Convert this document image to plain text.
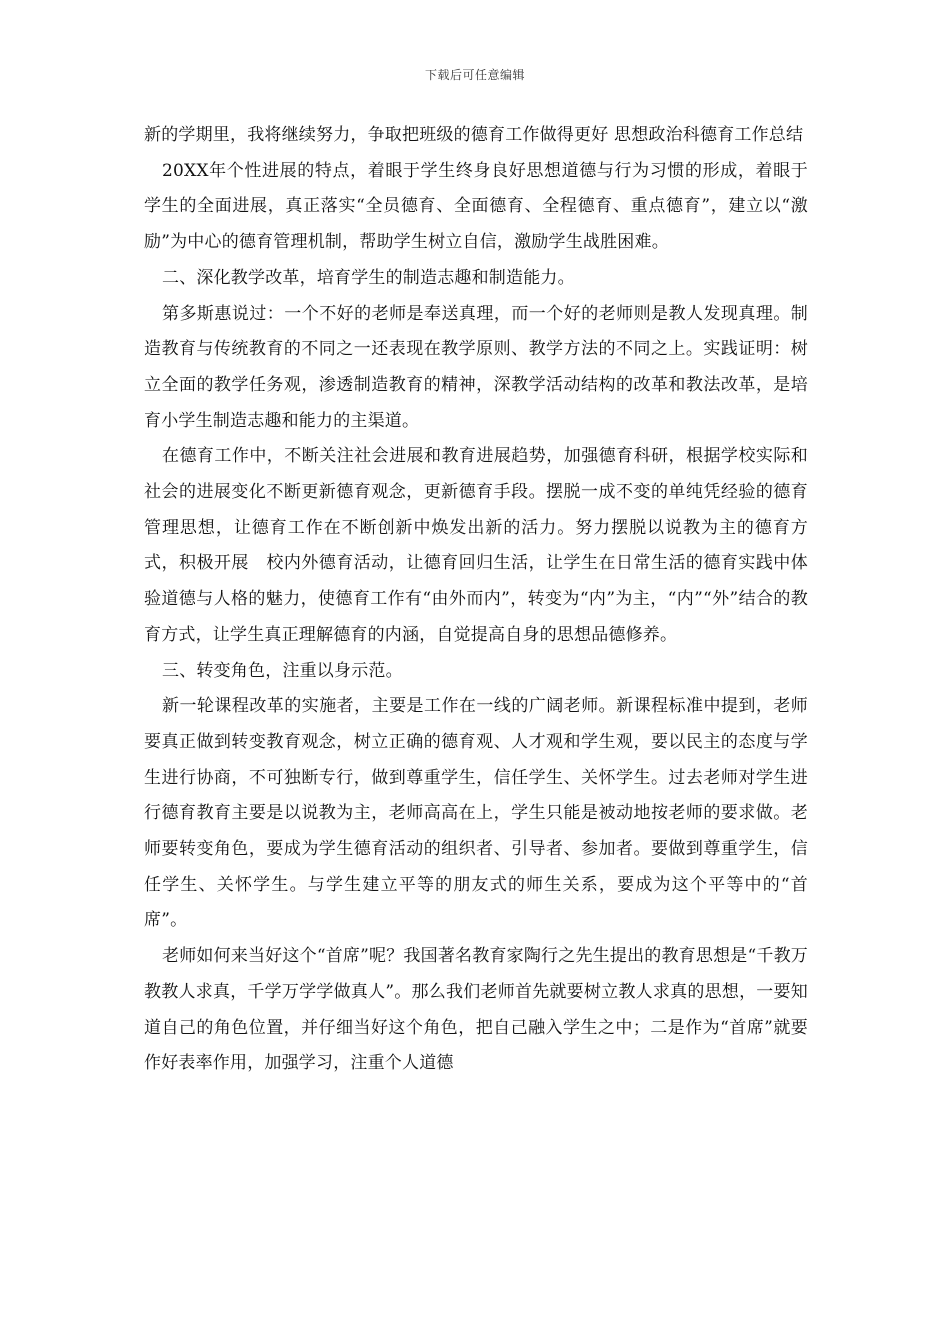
下载后可任意编辑

新的学期里，我将继续努力，争取把班级的德育工作做得更好 思想政治科德育工作总结

20XX年个性进展的特点，着眼于学生终身良好思想道德与行为习惯的形成，着眼于学生的全面进展，真正落实“全员德育、全面德育、全程德育、重点德育”，建立以“激励”为中心的德育管理机制，帮助学生树立自信，激励学生战胜困难。

二、深化教学改革，培育学生的制造志趣和制造能力。

第多斯惠说过：一个不好的老师是奉送真理，而一个好的老师则是教人发现真理。制造教育与传统教育的不同之一还表现在教学原则、教学方法的不同之上。实践证明：树立全面的教学任务观，渗透制造教育的精神，深教学活动结构的改革和教法改革，是培育小学生制造志趣和能力的主渠道。

在德育工作中，不断关注社会进展和教育进展趋势，加强德育科研，根据学校实际和社会的进展变化不断更新德育观念，更新德育手段。摆脱一成不变的单纯凭经验的德育管理思想，让德育工作在不断创新中焕发出新的活力。努力摆脱以说教为主的德育方式，积极开展　校内外德育活动，让德育回归生活，让学生在日常生活的德育实践中体验道德与人格的魅力，使德育工作有“由外而内”，转变为“内”为主，“内”“外”结合的教育方式，让学生真正理解德育的内涵，自觉提高自身的思想品德修养。

三、转变角色，注重以身示范。

新一轮课程改革的实施者，主要是工作在一线的广阔老师。新课程标准中提到，老师要真正做到转变教育观念，树立正确的德育观、人才观和学生观，要以民主的态度与学生进行协商，不可独断专行，做到尊重学生，信任学生、关怀学生。过去老师对学生进行德育教育主要是以说教为主，老师高高在上，学生只能是被动地按老师的要求做。老师要转变角色，要成为学生德育活动的组织者、引导者、参加者。要做到尊重学生，信任学生、关怀学生。与学生建立平等的朋友式的师生关系，要成为这个平等中的“首席”。

老师如何来当好这个“首席”呢？我国著名教育家陶行之先生提出的教育思想是“千教万教教人求真，千学万学学做真人”。那么我们老师首先就要树立教人求真的思想，一要知道自己的角色位置，并仔细当好这个角色，把自己融入学生之中；二是作为“首席”就要作好表率作用，加强学习，注重个人道德
